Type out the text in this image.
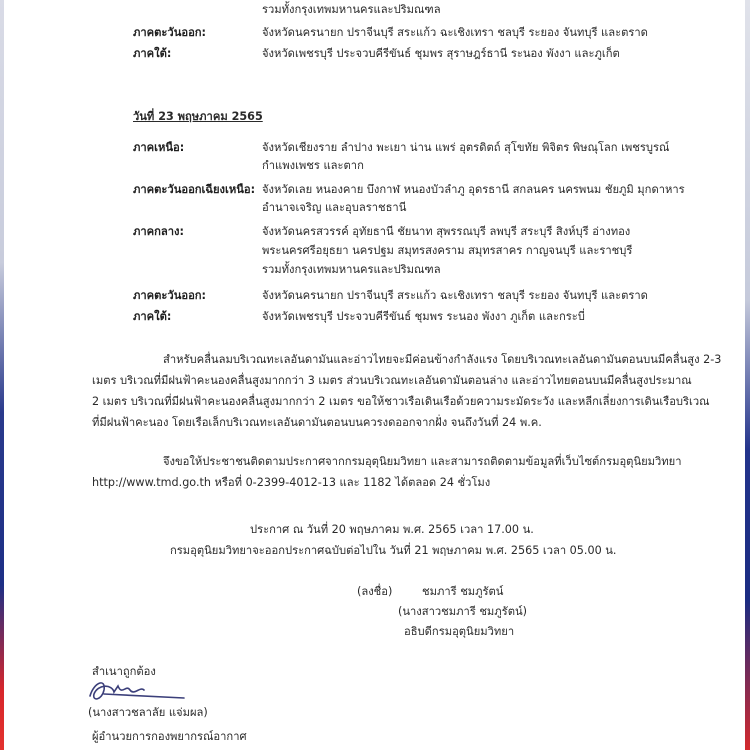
รวมทั้งกรุงเทพมหานครและปริมณฑล
ภาคตะวันออก:	จังหวัดนครนายก ปราจีนบุรี สระแก้ว ฉะเชิงเทรา ชลบุรี ระยอง จันทบุรี และตราด
ภาคใต้:	จังหวัดเพชรบุรี ประจวบคีรีขันธ์ ชุมพร สุราษฎร์ธานี ระนอง พังงา และภูเก็ต
วันที่ 23 พฤษภาคม 2565
ภาคเหนือ:	จังหวัดเชียงราย ลำปาง พะเยา น่าน แพร่ อุตรดิตถ์ สุโขทัย พิจิตร พิษณุโลก เพชรบูรณ์
กำแพงเพชร และตาก
ภาคตะวันออกเฉียงเหนือ: จังหวัดเลย หนองคาย บึงกาฬ หนองบัวลำภู อุดรธานี สกลนคร นครพนม ชัยภูมิ มุกดาหาร
อำนาจเจริญ และอุบลราชธานี
ภาคกลาง:	จังหวัดนครสวรรค์ อุทัยธานี ชัยนาท สุพรรณบุรี ลพบุรี สระบุรี สิงห์บุรี อ่างทอง
พระนครศรีอยุธยา นครปฐม สมุทรสงคราม สมุทรสาคร กาญจนบุรี และราชบุรี
รวมทั้งกรุงเทพมหานครและปริมณฑล
ภาคตะวันออก:	จังหวัดนครนายก ปราจีนบุรี สระแก้ว ฉะเชิงเทรา ชลบุรี ระยอง จันทบุรี และตราด
ภาคใต้:	จังหวัดเพชรบุรี ประจวบคีรีขันธ์ ชุมพร ระนอง พังงา ภูเก็ต และกระบี่
สำหรับคลื่นลมบริเวณทะเลอันดามันและอ่าวไทยจะมีค่อนข้างกำลังแรง โดยบริเวณทะเลอันดามันตอนบนมีคลื่นสูง 2-3
เมตร บริเวณที่มีฝนฟ้าคะนองคลื่นสูงมากกว่า 3 เมตร ส่วนบริเวณทะเลอันดามันตอนล่าง และอ่าวไทยตอนบนมีคลื่นสูงประมาณ
2 เมตร บริเวณที่มีฝนฟ้าคะนองคลื่นสูงมากกว่า 2 เมตร ขอให้ชาวเรือเดินเรือด้วยความระมัดระวัง และหลีกเลี่ยงการเดินเรือบริเวณ
ที่มีฝนฟ้าคะนอง โดยเรือเล็กบริเวณทะเลอันดามันตอนบนควรงดออกจากฝั่ง จนถึงวันที่ 24 พ.ค.
จึงขอให้ประชาชนติดตามประกาศจากกรมอุตุนิยมวิทยา และสามารถติดตามข้อมูลที่เว็บไซต์กรมอุตุนิยมวิทยา
http://www.tmd.go.th หรือที่ 0-2399-4012-13 และ 1182 ได้ตลอด 24 ชั่วโมง
ประกาศ ณ วันที่ 20 พฤษภาคม พ.ศ. 2565 เวลา 17.00 น.
กรมอุตุนิยมวิทยาจะออกประกาศฉบับต่อไปใน วันที่ 21 พฤษภาคม พ.ศ. 2565 เวลา 05.00 น.
(ลงชื่อ)	ชมภารี ชมภูรัตน์
(นางสาวชมภารี ชมภูรัตน์)
อธิบดีกรมอุตุนิยมวิทยา
สำเนาถูกต้อง
(นางสาวชลาลัย แจ่มผล)
ผู้อำนวยการกองพยากรณ์อากาศ
